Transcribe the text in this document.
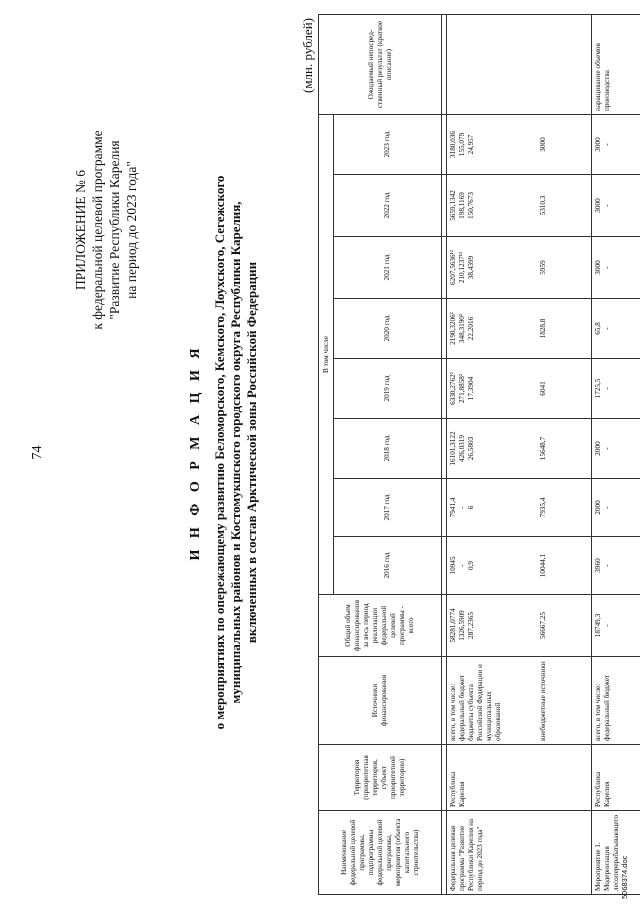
74
ПРИЛОЖЕНИЕ № 6 к федеральной целевой программе "Развитие Республики Карелия на период до 2023 года"
И Н Ф О Р М А Ц И Я о мероприятиях по опережающему развитию Беломорского, Кемского, Лоухского, Сегежского муниципальных районов и Костомукшского городского округа Республики Карелия, включенных в состав Арктической зоны Российской Федерации
(млн. рублей)
Наименование федеральной целевой программы, подпрограммы федеральной целевой программы, мероприятия (объекта капитального строительства)	Территория (приоритетная территория, субъект приоритетной территории)	Источники финансирования	Общий объем финансирования за весь период реализации федеральной целевой программы - всего	В том числе								Ожидаемый непосред-ственный результат (краткое описание)
				2016 год	2017 год	2018 год	2019 год	2020 год	2021 год	2022 год	2023 год	

Федеральная целевая программа "Развитие Республики Карелия на период до 2023 года"	Республика Карелия	всего, в том числе: федеральный бюджет бюджеты субъекта Российской Федерации и муниципальных образований внебюджетные источники	58281,0774 1326,5909 287,2365 56667,25	10945 - 0,9 10044,1	7941,4 - 6 7935,4	16101,3122 426,0319 26,5803 15648,7	6330,2762² 271,8858² 17,3904 6041	2190,3206² 348,3190² 22,2016 1828,8	6207,5636¹² 210,1237¹² 38,4399 5959	5659,1342 198,1169 150,7673 5310,3	3180,036 155,079 24,957 3000	

Мероприятие 1. Модернизация лесоперерабатывающего	Республика Карелия	всего, в том числе: федеральный бюджет	18749,3 -	3960 -	2000 -	2000 -	1725,5 -	65,8 -	3000 -	3000 -	3000 -	наращивание объемов производства
5068374.doc
